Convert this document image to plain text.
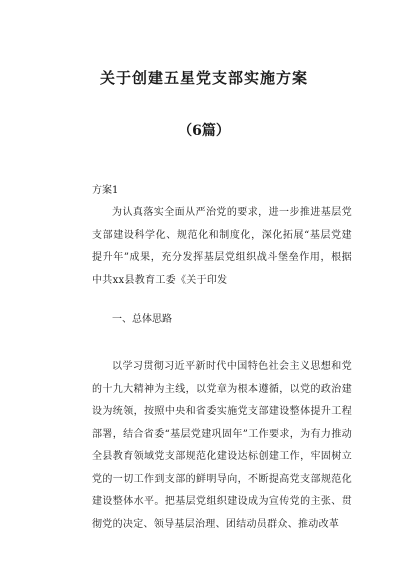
关于创建五星党支部实施方案
（6篇）
方案1

为认真落实全面从严治党的要求，进一步推进基层党支部建设科学化、规范化和制度化，深化拓展“基层党建提升年”成果，充分发挥基层党组织战斗堡垒作用，根据中共xx县教育工委《关于印发

一、总体思路

以学习贯彻习近平新时代中国特色社会主义思想和党的十九大精神为主线，以党章为根本遵循，以党的政治建设为统领，按照中央和省委实施党支部建设整体提升工程部署，结合省委“基层党建巩固年”工作要求，为有力推动全县教育领域党支部规范化建设达标创建工作，牢固树立党的一切工作到支部的鲜明导向，不断提高党支部规范化建设整体水平。把基层党组织建设成为宣传党的主张、贯彻党的决定、领导基层治理、团结动员群众、推动改革
